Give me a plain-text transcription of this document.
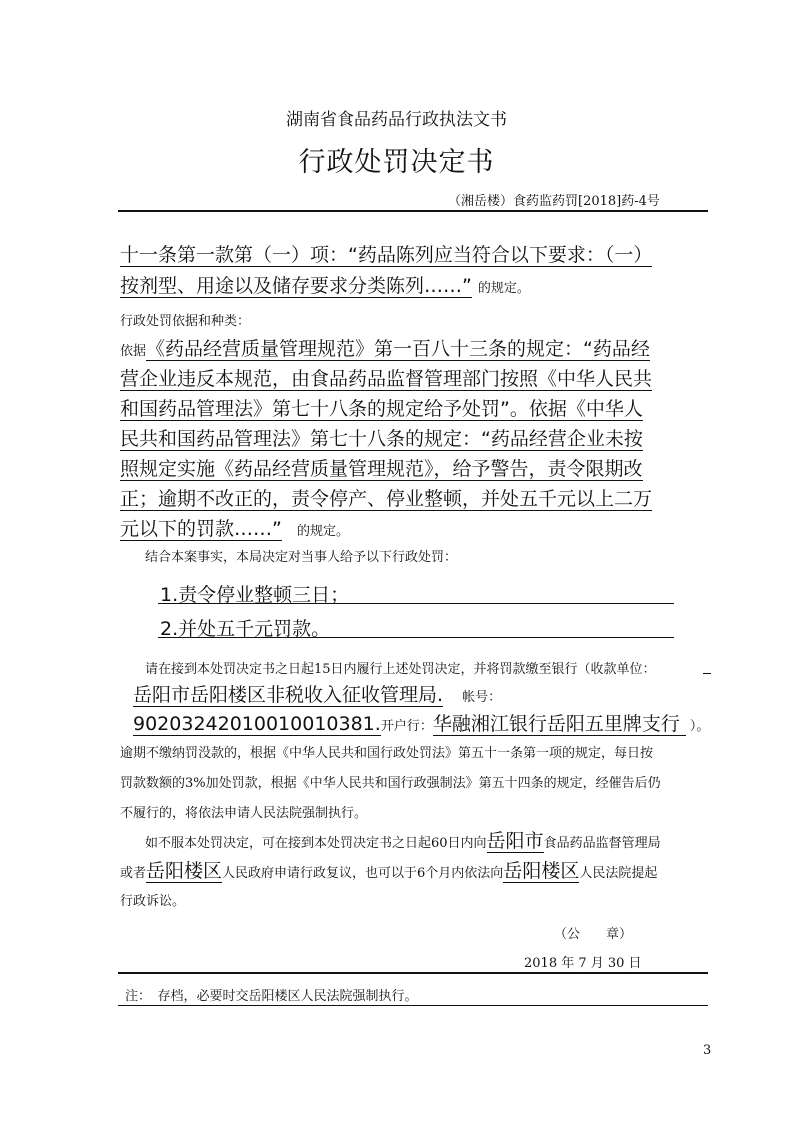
湖南省食品药品行政执法文书
行政处罚决定书
（湘岳楼）食药监药罚[2018]药-4号
十一条第一款第（一）项：“药品陈列应当符合以下要求：（一）
按剂型、用途以及储存要求分类陈列……” 的规定。
行政处罚依据和种类：
依据《药品经营质量管理规范》第一百八十三条的规定：“药品经
营企业违反本规范，由食品药品监督管理部门按照《中华人民共
和国药品管理法》第七十八条的规定给予处罚”。依据《中华人
民共和国药品管理法》第七十八条的规定：“药品经营企业未按
照规定实施《药品经营质量管理规范》，给予警告，责令限期改
正；逾期不改正的，责令停产、停业整顿，并处五千元以上二万
元以下的罚款……” 的规定。
结合本案事实，本局决定对当事人给予以下行政处罚：
1.责令停业整顿三日；
2.并处五千元罚款。
请在接到本处罚决定书之日起15日内履行上述处罚决定，并将罚款缴至银行（收款单位：
岳阳市岳阳楼区非税收入征收管理局. 帐号：
90203242010010010381.开户行：华融湘江银行岳阳五里牌支行 ）。
逾期不缴纳罚没款的，根据《中华人民共和国行政处罚法》第五十一条第一项的规定，每日按
罚款数额的3%加处罚款，根据《中华人民共和国行政强制法》第五十四条的规定，经催告后仍
不履行的，将依法申请人民法院强制执行。
如不服本处罚决定，可在接到本处罚决定书之日起60日内向岳阳市食品药品监督管理局
或者岳阳楼区人民政府申请行政复议，也可以于6个月内依法向岳阳楼区人民法院提起
行政诉讼。
（公　　章）
2018 年 7 月 30 日
注：　存档，必要时交岳阳楼区人民法院强制执行。
3
